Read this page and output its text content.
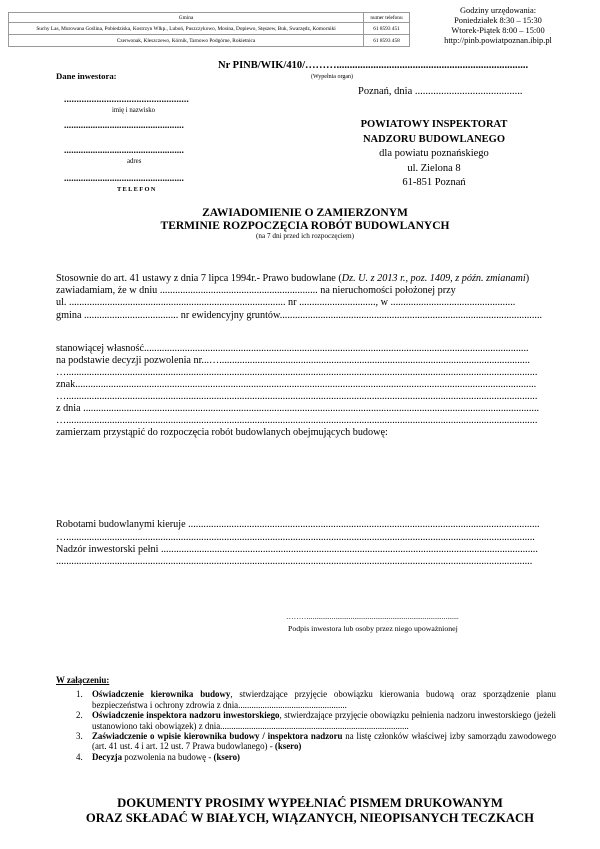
Gmina	numer telefonu
Suchy Las, Murowana Goślina, Pobiedziska, Kostrzyn Wlkp., Luboń, Puszczykowo, Mosina, Dopiewo, Stęszew, Buk, Swarzędz, Komorniki	61 8593 451
Czerwonak, Kleszczewo, Kórnik, Tarnowo Podgórne, Rokietnica	61 8593 458
Godziny urzędowania:
Poniedziałek 8:30 – 15:30
Wtorek-Piątek 8:00 – 15:00
http://pinb.powiatpoznan.ibip.pl
Nr PINB/WIK/410/……….........................................................................
(Wypełnia organ)
Dane inwestora:
..................................................
imię i nazwisko
..................................................
..................................................
adres
..................................................
TELEFON
Poznań, dnia .........................................
POWIATOWY INSPEKTORAT
NADZORU BUDOWLANEGO
dla powiatu poznańskiego
ul. Zielona 8
61-851 Poznań
ZAWIADOMIENIE O ZAMIERZONYM
TERMINIE ROZPOCZĘCIA ROBÓT BUDOWLANYCH
(na 7 dni przed ich rozpoczęciem)
Stosownie do art. 41 ustawy z dnia 7 lipca 1994r.- Prawo budowlane (Dz. U. z 2013 r., poz. 1409, z późn. zmianami)
zawiadamiam, że w dniu .............................................................. na nieruchomości położonej przy
ul. ..................................................................................... nr .............................., w .................................................
gmina ..................................... nr ewidencyjny gruntów.......................................................................................................
stanowiącej własność.......................................................................................................................................................
na podstawie decyzji pozwolenia nr...…..........................................................................................................................
….........................................................................................................................................................................................
znak.....................................................................................................................................................................................
….........................................................................................................................................................................................
z dnia ...................................................................................................................................................................................
….........................................................................................................................................................................................
zamierzam przystąpić do rozpoczęcia robót budowlanych obejmujących budowę:
Robotami budowlanymi kieruje ..........................................................................................................................................
…........................................................................................................................................................................................
Nadzór inwestorski pełni ....................................................................................................................................................
...........................................................................................................................................................................................
………...............................................................................
Podpis inwestora lub osoby przez niego upoważnionej
W załączeniu:
1. Oświadczenie kierownika budowy, stwierdzające przyjęcie obowiązku kierowania budową oraz sporządzenie planu bezpieczeństwa i ochrony zdrowia z dnia.................................................
2. Oświadczenie inspektora nadzoru inwestorskiego, stwierdzające przyjęcie obowiązku pełnienia nadzoru inwestorskiego (jeżeli ustanowiono taki obowiązek) z dnia.....................................................................................
3. Zaświadczenie o wpisie kierownika budowy / inspektora nadzoru na listę członków właściwej izby samorządu zawodowego (art. 41 ust. 4 i art. 12 ust. 7 Prawa budowlanego) - (ksero)
4. Decyzja pozwolenia na budowę - (ksero)
DOKUMENTY PROSIMY WYPEŁNIAĆ PISMEM DRUKOWANYM
ORAZ SKŁADAĆ W BIAŁYCH, WIĄZANYCH, NIEOPISANYCH TECZKACH
